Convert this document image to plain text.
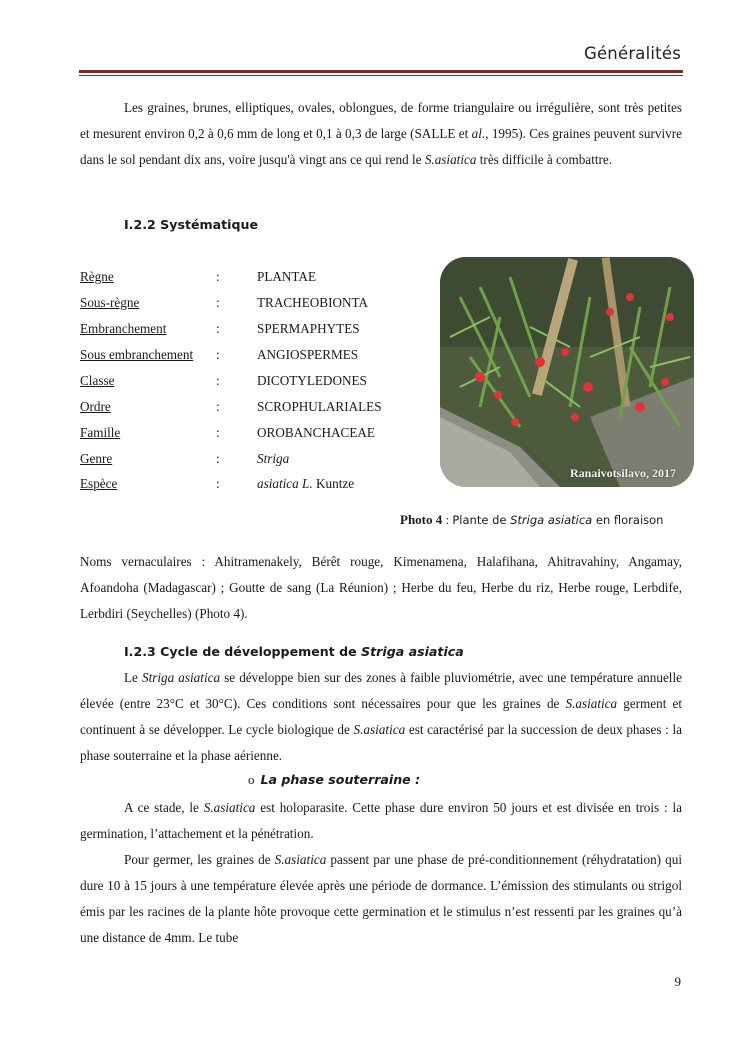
Généralités

Les graines, brunes, elliptiques, ovales, oblongues, de forme triangulaire ou irrégulière, sont très petites et mesurent environ 0,2 à 0,6 mm de long et 0,1 à 0,3 de large (SALLE et al., 1995). Ces graines peuvent survivre dans le sol pendant dix ans, voire jusqu'à vingt ans ce qui rend le S.asiatica très difficile à combattre.

I.2.2 Systématique
Règne	:	PLANTAE
Sous-règne	:	TRACHEOBIONTA
Embranchement	:	SPERMAPHYTES
Sous embranchement :	ANGIOSPERMES
Classe	:	DICOTYLEDONES
Ordre	:	SCROPHULARIALES
Famille	:	OROBANCHACEAE
Genre	:	Striga
Espèce	:	asiatica L. Kuntze
Ranaivotsilavo, 2017
Photo 4 : Plante de Striga asiatica en floraison

Noms vernaculaires : Ahitramenakely, Bérêt rouge, Kimenamena, Halafihana, Ahitravahiny, Angamay, Afoandoha (Madagascar) ; Goutte de sang (La Réunion) ; Herbe du feu, Herbe du riz, Herbe rouge, Lerbdife, Lerbdiri (Seychelles) (Photo 4).

I.2.3 Cycle de développement de Striga asiatica

Le Striga asiatica se développe bien sur des zones à faible pluviométrie, avec une température annuelle élevée (entre 23°C et 30°C). Ces conditions sont nécessaires pour que les graines de S.asiatica germent et continuent à se développer. Le cycle biologique de S.asiatica est caractérisé par la succession de deux phases : la phase souterraine et la phase aérienne.

o La phase souterraine :

A ce stade, le S.asiatica est holoparasite. Cette phase dure environ 50 jours et est divisée en trois : la germination, l’attachement et la pénétration.

Pour germer, les graines de S.asiatica passent par une phase de pré-conditionnement (réhydratation) qui dure 10 à 15 jours à une température élevée après une période de dormance. L’émission des stimulants ou strigol émis par les racines de la plante hôte provoque cette germination et le stimulus n’est ressenti par les graines qu’à une distance de 4mm. Le tube

9
